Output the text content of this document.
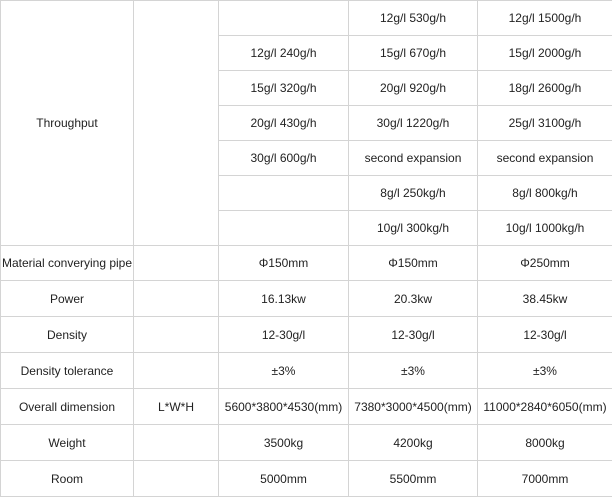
Throughput			12g/l 530g/h	12g/l 1500g/h
		12g/l 240g/h	15g/l 670g/h	15g/l 2000g/h
		15g/l 320g/h	20g/l 920g/h	18g/l 2600g/h
		20g/l 430g/h	30g/l 1220g/h	25g/l 3100g/h
		30g/l 600g/h	second expansion	second expansion
			8g/l 250kg/h	8g/l 800kg/h
			10g/l 300kg/h	10g/l 1000kg/h
Material converying pipe		Φ150mm	Φ150mm	Φ250mm
Power		16.13kw	20.3kw	38.45kw
Density		12-30g/l	12-30g/l	12-30g/l
Density tolerance		±3%	±3%	±3%
Overall dimension	L*W*H	5600*3800*4530(mm)	7380*3000*4500(mm)	11000*2840*6050(mm)
Weight		3500kg	4200kg	8000kg
Room		5000mm	5500mm	7000mm
